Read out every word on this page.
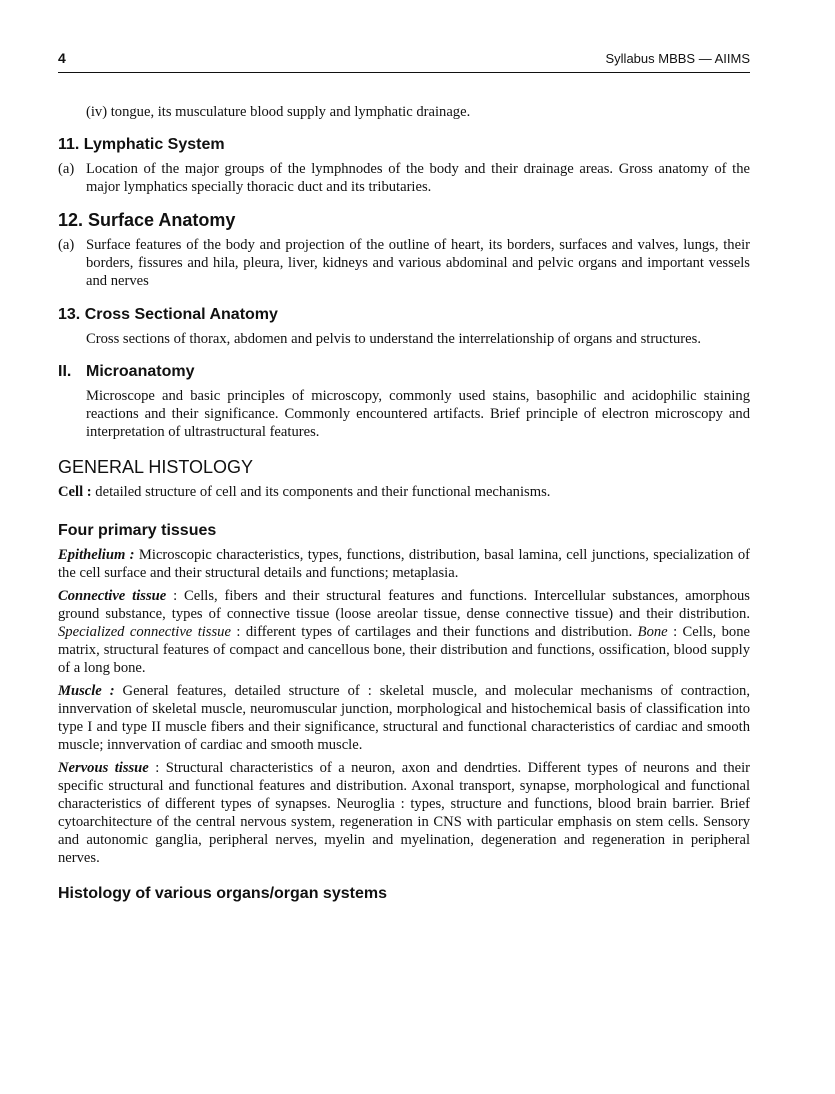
4	Syllabus MBBS — AIIMS

(iv) tongue, its musculature blood supply and lymphatic drainage.

11. Lymphatic System

(a) Location of the major groups of the lymphnodes of the body and their drainage areas. Gross anatomy of the major lymphatics specially thoracic duct and its tributaries.

12. Surface Anatomy

(a) Surface features of the body and projection of the outline of heart, its borders, surfaces and valves, lungs, their borders, fissures and hila, pleura, liver, kidneys and various abdominal and pelvic organs and important vessels and nerves

13. Cross Sectional Anatomy

Cross sections of thorax, abdomen and pelvis to understand the interrelationship of organs and structures.

II. Microanatomy

Microscope and basic principles of microscopy, commonly used stains, basophilic and acidophilic staining reactions and their significance. Commonly encountered artifacts. Brief principle of electron microscopy and interpretation of ultrastructural features.

GENERAL HISTOLOGY

Cell : detailed structure of cell and its components and their functional mechanisms.

Four primary tissues

Epithelium : Microscopic characteristics, types, functions, distribution, basal lamina, cell junctions, specialization of the cell surface and their structural details and functions; metaplasia.

Connective tissue : Cells, fibers and their structural features and functions. Intercellular substances, amorphous ground substance, types of connective tissue (loose areolar tissue, dense connective tissue) and their distribution. Specialized connective tissue : different types of cartilages and their functions and distribution. Bone : Cells, bone matrix, structural features of compact and cancellous bone, their distribution and functions, ossification, blood supply of a long bone.

Muscle : General features, detailed structure of : skeletal muscle, and molecular mechanisms of contraction, innvervation of skeletal muscle, neuromuscular junction, morphological and histochemical basis of classification into type I and type II muscle fibers and their significance, structural and functional characteristics of cardiac and smooth muscle; innvervation of cardiac and smooth muscle.

Nervous tissue : Structural characteristics of a neuron, axon and dendrties. Different types of neurons and their specific structural and functional features and distribution. Axonal transport, synapse, morphological and functional characteristics of different types of synapses. Neuroglia : types, structure and functions, blood brain barrier. Brief cytoarchitecture of the central nervous system, regeneration in CNS with particular emphasis on stem cells. Sensory and autonomic ganglia, peripheral nerves, myelin and myelination, degeneration and regeneration in peripheral nerves.

Histology of various organs/organ systems
